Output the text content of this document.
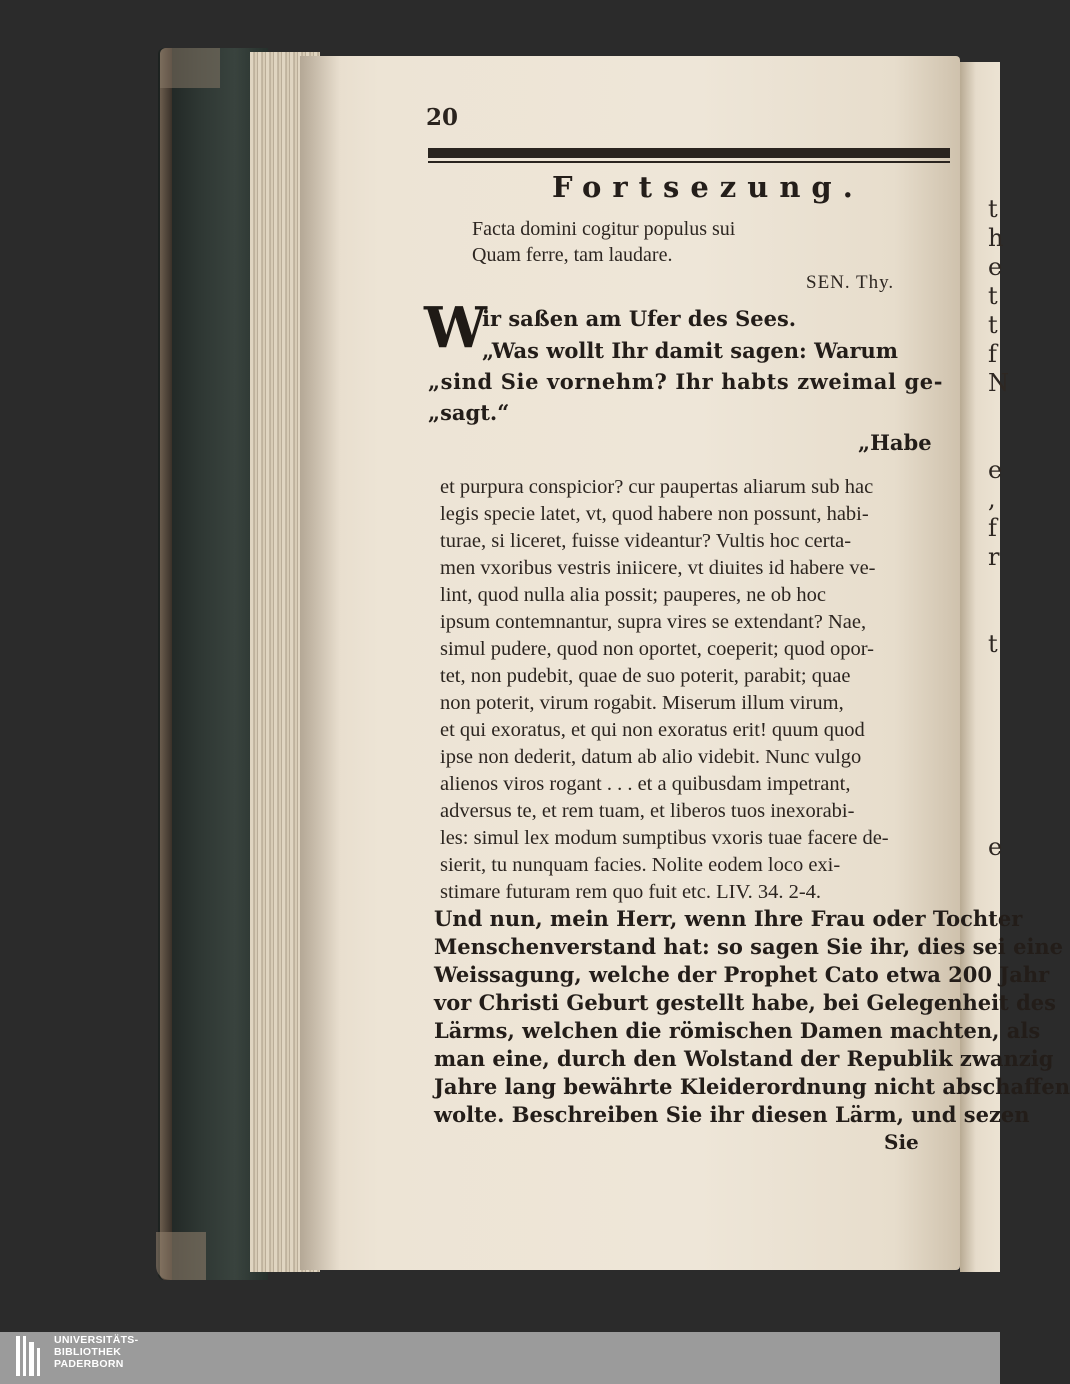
t
h
e
t
t
f
N

e
,
f
r

t

e
20
Fortsezung.
Facta domini cogitur populus sui
Quam ferre, tam laudare.
SEN. Thy.
W
ir saßen am Ufer des Sees.
„Was wollt Ihr damit sagen: Warum
„sind Sie vornehm? Ihr habts zweimal ge-
„sagt.“
„Habe
et purpura conspicior? cur paupertas aliarum sub hac
legis specie latet, vt, quod habere non possunt, habi-
turae, si liceret, fuisse videantur? Vultis hoc certa-
men vxoribus vestris iniicere, vt diuites id habere ve-
lint, quod nulla alia possit; pauperes, ne ob hoc
ipsum contemnantur, supra vires se extendant? Nae,
simul pudere, quod non oportet, coeperit; quod opor-
tet, non pudebit, quae de suo poterit, parabit; quae
non poterit, virum rogabit. Miserum illum virum,
et qui exoratus, et qui non exoratus erit! quum quod
ipse non dederit, datum ab alio videbit. Nunc vulgo
alienos viros rogant . . . et a quibusdam impetrant,
adversus te, et rem tuam, et liberos tuos inexorabi-
les: simul lex modum sumptibus vxoris tuae facere de-
sierit, tu nunquam facies. Nolite eodem loco exi-
stimare futuram rem quo fuit etc. LIV. 34. 2-4.
Und nun, mein Herr, wenn Ihre Frau oder Tochter
Menschenverstand hat: so sagen Sie ihr, dies sei eine
Weissagung, welche der Prophet Cato etwa 200 Jahr
vor Christi Geburt gestellt habe, bei Gelegenheit des
Lärms, welchen die römischen Damen machten, als
man eine, durch den Wolstand der Republik zwanzig
Jahre lang bewährte Kleiderordnung nicht abschaffen
wolte. Beschreiben Sie ihr diesen Lärm, und sezen
Sie
UNIVERSITÄTS-
BIBLIOTHEK
PADERBORN
